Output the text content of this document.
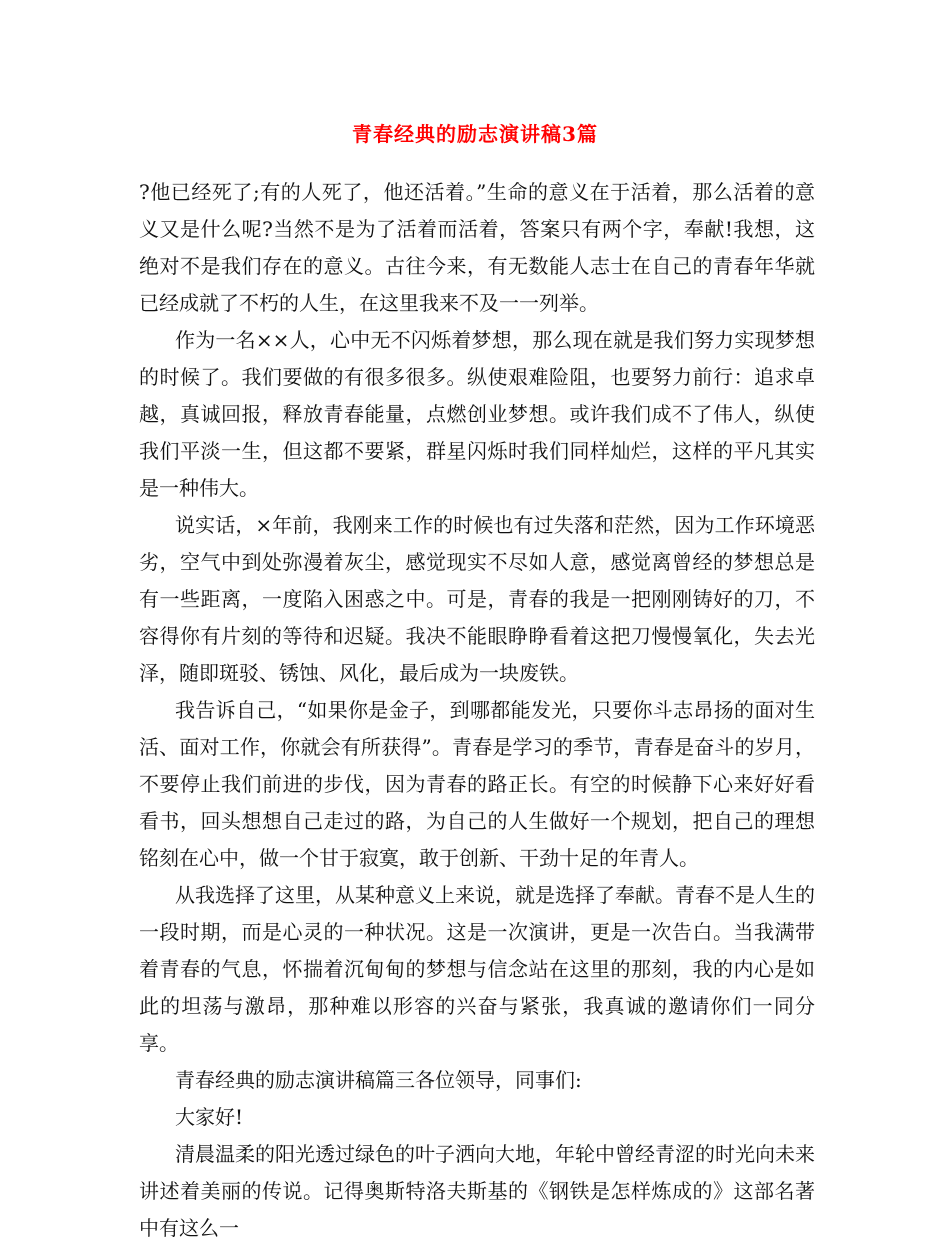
青春经典的励志演讲稿3篇

?他已经死了;有的人死了，他还活着。”生命的意义在于活着，那么活着的意义又是什么呢?当然不是为了活着而活着，答案只有两个字，奉献!我想，这绝对不是我们存在的意义。古往今来，有无数能人志士在自己的青春年华就已经成就了不朽的人生，在这里我来不及一一列举。

作为一名××人，心中无不闪烁着梦想，那么现在就是我们努力实现梦想的时候了。我们要做的有很多很多。纵使艰难险阻，也要努力前行：追求卓越，真诚回报，释放青春能量，点燃创业梦想。或许我们成不了伟人，纵使我们平淡一生，但这都不要紧，群星闪烁时我们同样灿烂，这样的平凡其实是一种伟大。

说实话，×年前，我刚来工作的时候也有过失落和茫然，因为工作环境恶劣，空气中到处弥漫着灰尘，感觉现实不尽如人意，感觉离曾经的梦想总是有一些距离，一度陷入困惑之中。可是，青春的我是一把刚刚铸好的刀，不容得你有片刻的等待和迟疑。我决不能眼睁睁看着这把刀慢慢氧化，失去光泽，随即斑驳、锈蚀、风化，最后成为一块废铁。

我告诉自己，“如果你是金子，到哪都能发光，只要你斗志昂扬的面对生活、面对工作，你就会有所获得”。青春是学习的季节，青春是奋斗的岁月，不要停止我们前进的步伐，因为青春的路正长。有空的时候静下心来好好看看书，回头想想自己走过的路，为自己的人生做好一个规划，把自己的理想铭刻在心中，做一个甘于寂寞，敢于创新、干劲十足的年青人。

从我选择了这里，从某种意义上来说，就是选择了奉献。青春不是人生的一段时期，而是心灵的一种状况。这是一次演讲，更是一次告白。当我满带着青春的气息，怀揣着沉甸甸的梦想与信念站在这里的那刻，我的内心是如此的坦荡与激昂，那种难以形容的兴奋与紧张，我真诚的邀请你们一同分享。

青春经典的励志演讲稿篇三各位领导，同事们:

大家好!

清晨温柔的阳光透过绿色的叶子洒向大地，年轮中曾经青涩的时光向未来讲述着美丽的传说。记得奥斯特洛夫斯基的《钢铁是怎样炼成的》这部名著中有这么一
